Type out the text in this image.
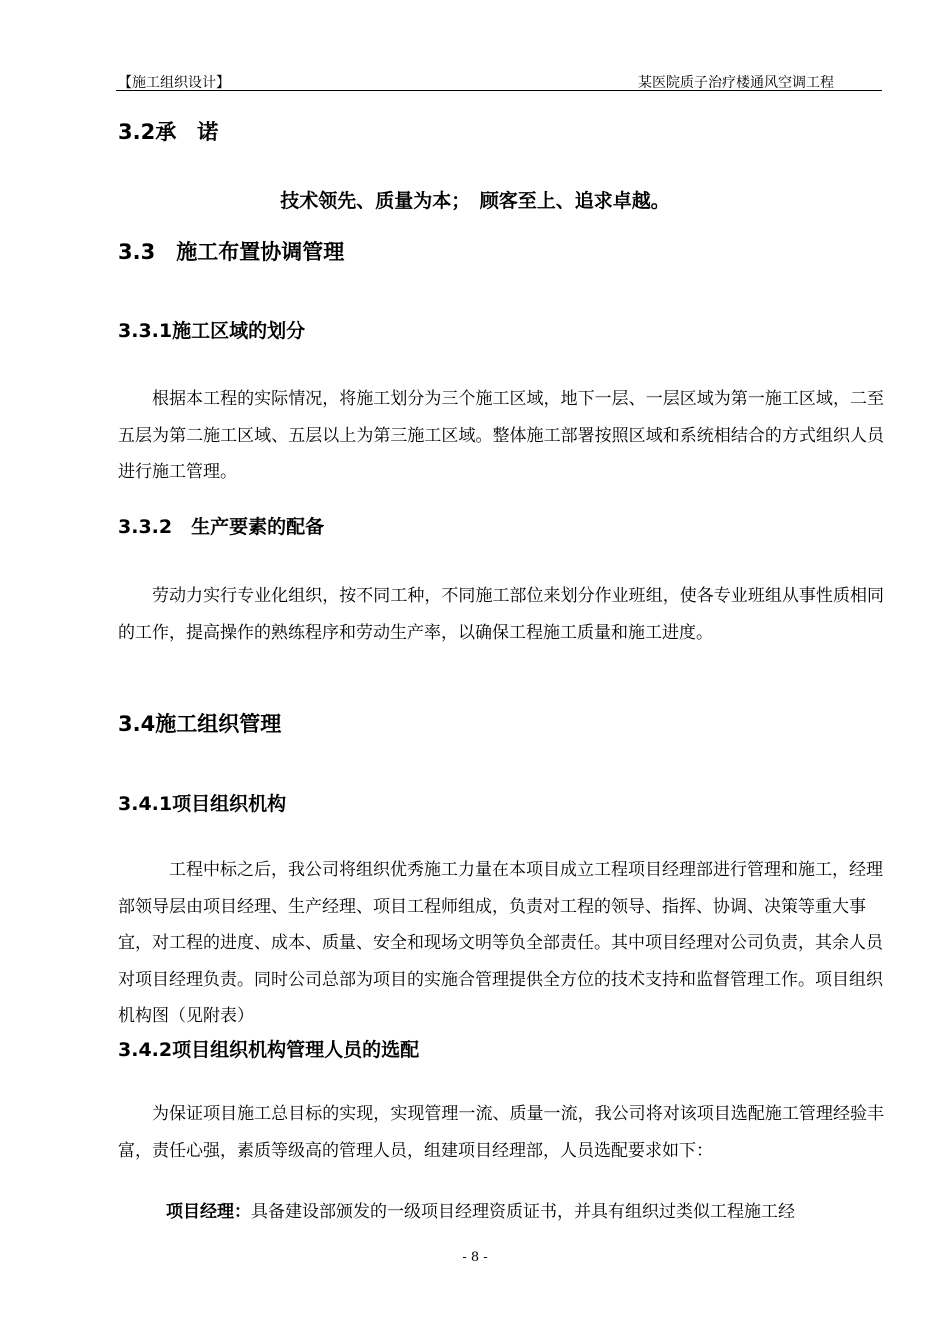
【施工组织设计】	某医院质子治疗楼通风空调工程
3.2承　诺
技术领先、质量为本；　顾客至上、追求卓越。
3.3　施工布置协调管理
3.3.1施工区域的划分

根据本工程的实际情况，将施工划分为三个施工区域，地下一层、一层区域为第一施工区域，二至五层为第二施工区域、五层以上为第三施工区域。整体施工部署按照区域和系统相结合的方式组织人员进行施工管理。

3.3.2　生产要素的配备

劳动力实行专业化组织，按不同工种，不同施工部位来划分作业班组，使各专业班组从事性质相同的工作，提高操作的熟练程序和劳动生产率，以确保工程施工质量和施工进度。

3.4施工组织管理
3.4.1项目组织机构

工程中标之后，我公司将组织优秀施工力量在本项目成立工程项目经理部进行管理和施工，经理部领导层由项目经理、生产经理、项目工程师组成，负责对工程的领导、指挥、协调、决策等重大事宜，对工程的进度、成本、质量、安全和现场文明等负全部责任。其中项目经理对公司负责，其余人员对项目经理负责。同时公司总部为项目的实施合管理提供全方位的技术支持和监督管理工作。项目组织机构图（见附表）

3.4.2项目组织机构管理人员的选配

为保证项目施工总目标的实现，实现管理一流、质量一流，我公司将对该项目选配施工管理经验丰富，责任心强，素质等级高的管理人员，组建项目经理部，人员选配要求如下：

项目经理：具备建设部颁发的一级项目经理资质证书，并具有组织过类似工程施工经

- 8 -
